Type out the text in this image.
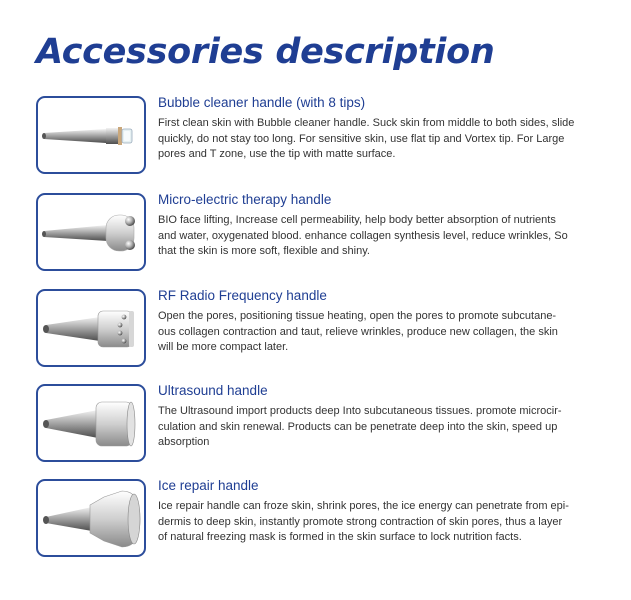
Accessories description
Bubble cleaner handle (with 8 tips)

First clean skin with Bubble cleaner handle. Suck skin from middle to both sides, slide
quickly, do not stay too long. For sensitive skin, use flat tip and Vortex tip. For Large
pores and T zone, use the tip with matte surface.

Micro-electric therapy handle

BIO face lifting, Increase cell permeability, help body better absorption of nutrients
and water, oxygenated blood. enhance collagen synthesis level, reduce wrinkles, So
that the skin is more soft, flexible and shiny.

RF Radio Frequency handle

Open the pores, positioning tissue heating, open the pores to promote subcutane-
ous collagen contraction and taut, relieve wrinkles, produce new collagen, the skin
will be more compact later.

Ultrasound handle

The Ultrasound import products deep Into subcutaneous tissues. promote microcir-
culation and skin renewal. Products can be penetrate deep into the skin, speed up
absorption

Ice repair handle

Ice repair handle can froze skin, shrink pores, the ice energy can penetrate from epi-
dermis to deep skin, instantly promote strong contraction of skin pores, thus a layer
of natural freezing mask is formed in the skin surface to lock nutrition facts.
